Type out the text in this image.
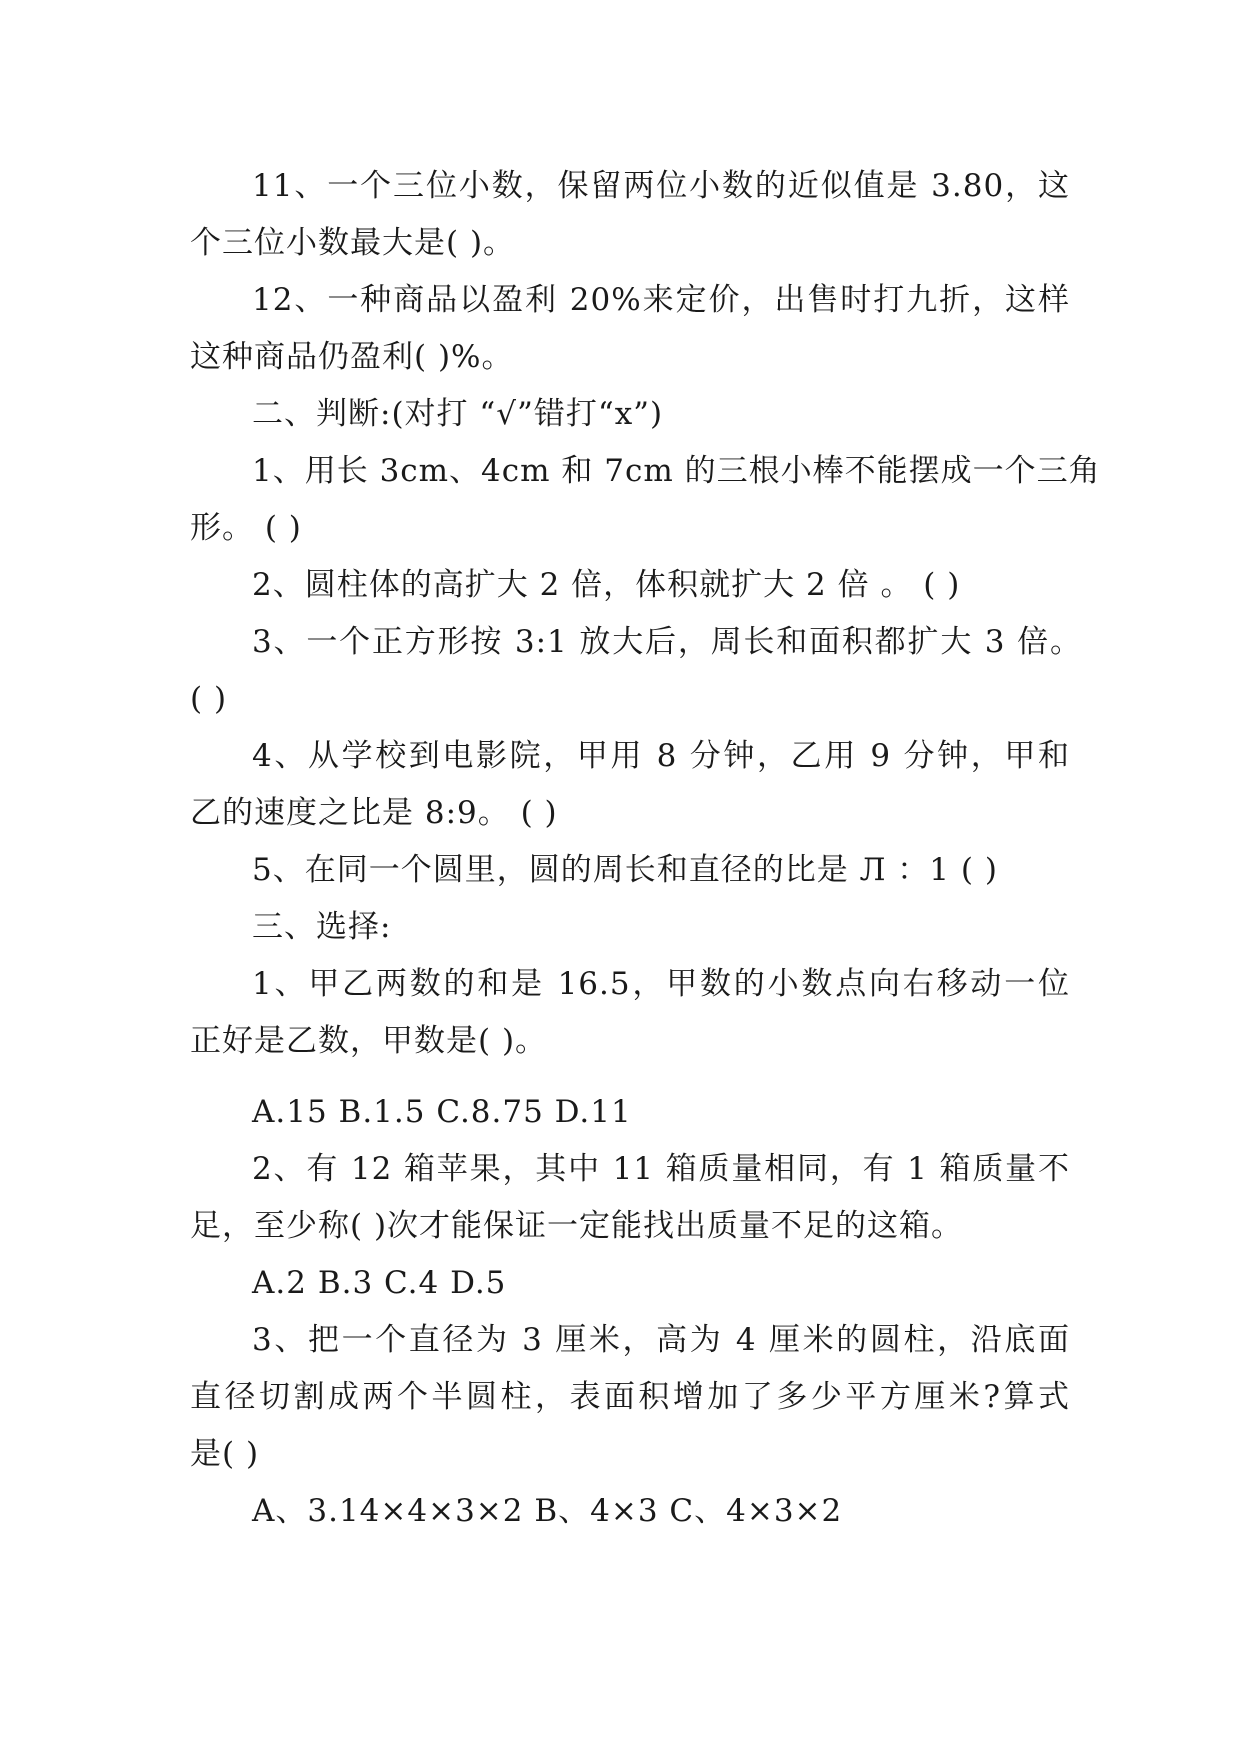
11、一个三位小数，保留两位小数的近似值是 3.80，这
个三位小数最大是( )。
12、一种商品以盈利 20%来定价，出售时打九折，这样
这种商品仍盈利( )%。
二、判断:(对打 “√”错打“x”)
1、用长 3cm、4cm 和 7cm 的三根小棒不能摆成一个三角
形。 ( )
2、圆柱体的高扩大 2 倍，体积就扩大 2 倍 。 ( )
3、一个正方形按 3:1 放大后，周长和面积都扩大 3 倍。
( )
4、从学校到电影院，甲用 8 分钟，乙用 9 分钟，甲和
乙的速度之比是 8:9。 ( )
5、在同一个圆里，圆的周长和直径的比是 Л ：1 ( )
三、选择:
1、甲乙两数的和是 16.5，甲数的小数点向右移动一位
正好是乙数，甲数是( )。
A.15 B.1.5 C.8.75 D.11
2、有 12 箱苹果，其中 11 箱质量相同，有 1 箱质量不
足，至少称( )次才能保证一定能找出质量不足的这箱。
A.2 B.3 C.4 D.5
3、把一个直径为 3 厘米，高为 4 厘米的圆柱，沿底面
直径切割成两个半圆柱，表面积增加了多少平方厘米?算式
是( )
A、3.14×4×3×2 B、4×3 C、4×3×2
